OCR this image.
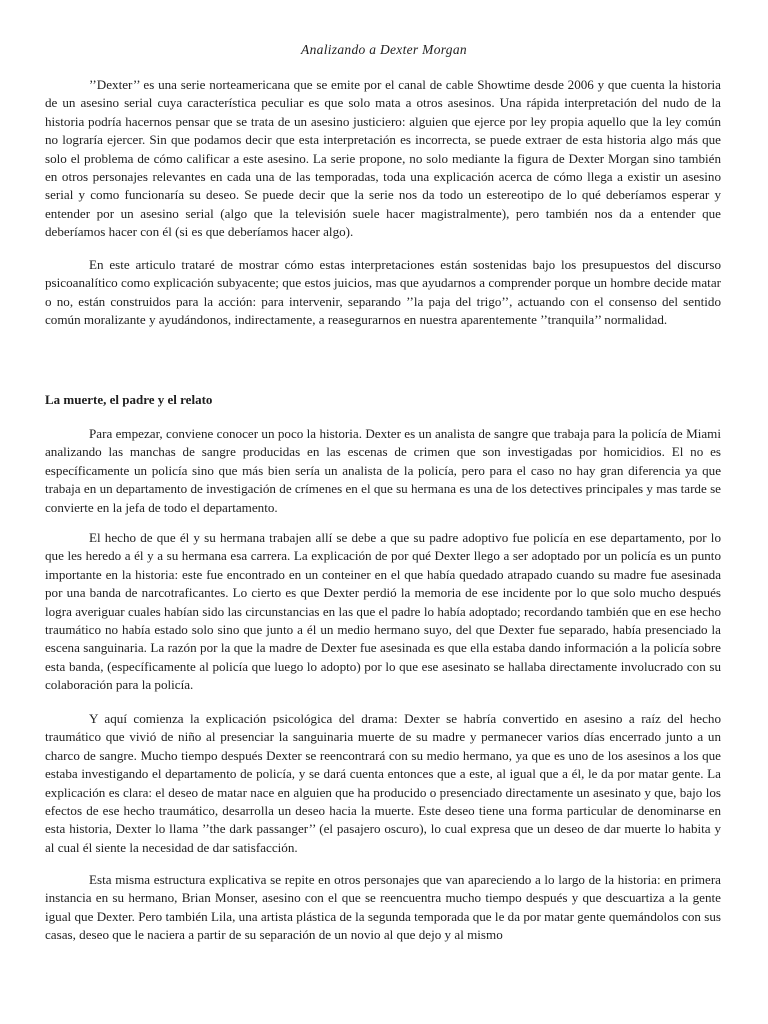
Analizando a Dexter Morgan

’’Dexter’’ es una serie norteamericana que se emite por el canal de cable Showtime desde 2006 y que cuenta la historia de un asesino serial cuya característica peculiar es que solo mata a otros asesinos. Una rápida interpretación del nudo de la historia podría hacernos pensar que se trata de un asesino justiciero: alguien que ejerce por ley propia aquello que la ley común no lograría ejercer. Sin que podamos decir que esta interpretación es incorrecta, se puede extraer de esta historia algo más que solo el problema de cómo calificar a este asesino. La serie propone, no solo mediante la figura de Dexter Morgan sino también en otros personajes relevantes en cada una de las temporadas, toda una explicación acerca de cómo llega a existir un asesino serial y como funcionaría su deseo. Se puede decir que la serie nos da todo un estereotipo de lo qué deberíamos esperar y entender por un asesino serial (algo que la televisión suele hacer magistralmente), pero también nos da a entender que deberíamos hacer con él (si es que deberíamos hacer algo).

En este articulo trataré de mostrar cómo estas interpretaciones están sostenidas bajo los presupuestos del discurso psicoanalítico como explicación subyacente; que estos juicios, mas que ayudarnos a comprender porque un hombre decide matar o no, están construidos para la acción: para intervenir, separando ’’la paja del trigo’’, actuando con el consenso del sentido común moralizante y ayudándonos, indirectamente, a reasegurarnos en nuestra aparentemente ’’tranquila’’ normalidad.

La muerte, el padre y el relato

Para empezar, conviene conocer un poco la historia. Dexter es un analista de sangre que trabaja para la policía de Miami analizando las manchas de sangre producidas en las escenas de crimen que son investigadas por homicidios. El no es específicamente un policía sino que más bien sería un analista de la policía, pero para el caso no hay gran diferencia ya que trabaja en un departamento de investigación de crímenes en el que su hermana es una de los detectives principales y mas tarde se convierte en la jefa de todo el departamento.

El hecho de que él y su hermana trabajen allí se debe a que su padre adoptivo fue policía en ese departamento, por lo que les heredo a él y a su hermana esa carrera. La explicación de por qué Dexter llego a ser adoptado por un policía es un punto importante en la historia: este fue encontrado en un conteiner en el que había quedado atrapado cuando su madre fue asesinada por una banda de narcotraficantes. Lo cierto es que Dexter perdió la memoria de ese incidente por lo que solo mucho después logra averiguar cuales habían sido las circunstancias en las que el padre lo había adoptado; recordando también que en ese hecho traumático no había estado solo sino que junto a él un medio hermano suyo, del que Dexter fue separado, había presenciado la escena sanguinaria. La razón por la que la madre de Dexter fue asesinada es que ella estaba dando información a la policía sobre esta banda, (específicamente al policía que luego lo adopto) por lo que ese asesinato se hallaba directamente involucrado con su colaboración para la policía.

Y aquí comienza la explicación psicológica del drama: Dexter se habría convertido en asesino a raíz del hecho traumático que vivió de niño al presenciar la sanguinaria muerte de su madre y permanecer varios días encerrado junto a un charco de sangre. Mucho tiempo después Dexter se reencontrará con su medio hermano, ya que es uno de los asesinos a los que estaba investigando el departamento de policía, y se dará cuenta entonces que a este, al igual que a él, le da por matar gente. La explicación es clara: el deseo de matar nace en alguien que ha producido o presenciado directamente un asesinato y que, bajo los efectos de ese hecho traumático, desarrolla un deseo hacia la muerte. Este deseo tiene una forma particular de denominarse en esta historia, Dexter lo llama ’’the dark passanger’’ (el pasajero oscuro), lo cual expresa que un deseo de dar muerte lo habita y al cual él siente la necesidad de dar satisfacción.

Esta misma estructura explicativa se repite en otros personajes que van apareciendo a lo largo de la historia: en primera instancia en su hermano, Brian Monser, asesino con el que se reencuentra mucho tiempo después y que descuartiza a la gente igual que Dexter. Pero también Lila, una artista plástica de la segunda temporada que le da por matar gente quemándolos con sus casas, deseo que le naciera a partir de su separación de un novio al que dejo y al mismo
